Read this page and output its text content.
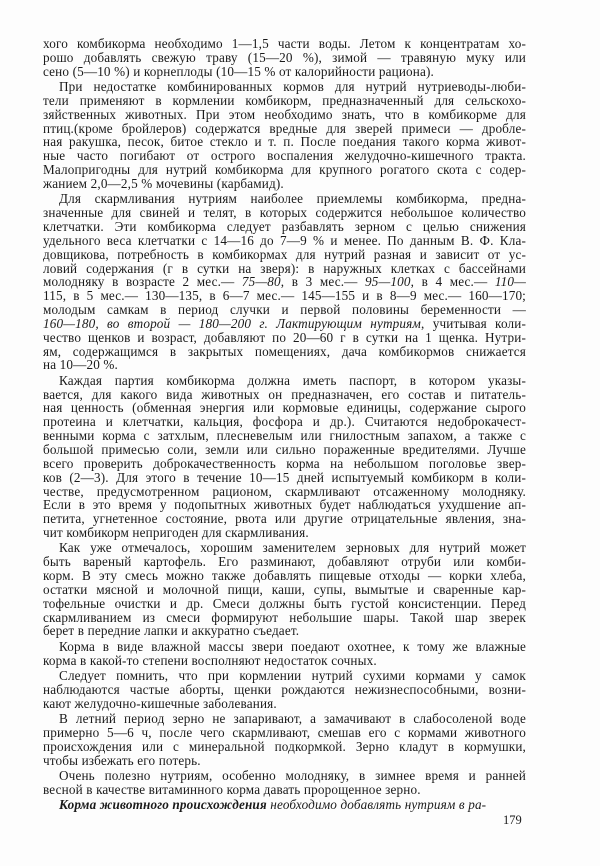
хого комбикорма необходимо 1—1,5 части воды. Летом к концентратам хо-
рошо добавлять свежую траву (15—20 %), зимой — травяную муку или
сено (5—10 %) и корнеплоды (10—15 % от калорийности рациона).
При недостатке комбинированных кормов для нутрий нутриеводы-люби-
тели применяют в кормлении комбикорм, предназначенный для сельскохо-
зяйственных животных. При этом необходимо знать, что в комбикорме для
птиц.(кроме бройлеров) содержатся вредные для зверей примеси — дробле-
ная ракушка, песок, битое стекло и т. п. После поедания такого корма живот-
ные часто погибают от острого воспаления желудочно-кишечного тракта.
Малопригодны для нутрий комбикорма для крупного рогатого скота с содер-
жанием 2,0—2,5 % мочевины (карбамид).
Для скармливания нутриям наиболее приемлемы комбикорма, предна-
значенные для свиней и телят, в которых содержится небольшое количество
клетчатки. Эти комбикорма следует разбавлять зерном с целью снижения
удельного веса клетчатки с 14—16 до 7—9 % и менее. По данным В. Ф. Кла-
довщикова, потребность в комбикормах для нутрий разная и зависит от ус-
ловий содержания (г в сутки на зверя): в наружных клетках с бассейнами
молодняку в возрасте 2 мес.— 75—80, в 3 мес.— 95—100, в 4 мес.— 110—
115, в 5 мес.— 130—135, в 6—7 мес.— 145—155 и в 8—9 мес.— 160—170;
молодым самкам в период случки и первой половины беременности —
160—180, во второй — 180—200 г. Лактирующим нутриям, учитывая коли-
чество щенков и возраст, добавляют по 20—60 г в сутки на 1 щенка. Нутри-
ям, содержащимся в закрытых помещениях, дача комбикормов снижается
на 10—20 %.
Каждая партия комбикорма должна иметь паспорт, в котором указы-
вается, для какого вида животных он предназначен, его состав и питатель-
ная ценность (обменная энергия или кормовые единицы, содержание сырого
протеина и клетчатки, кальция, фосфора и др.). Считаются недоброкачест-
венными корма с затхлым, плесневелым или гнилостным запахом, а также с
большой примесью соли, земли или сильно пораженные вредителями. Лучше
всего проверить доброкачественность корма на небольшом поголовье звер-
ков (2—3). Для этого в течение 10—15 дней испытуемый комбикорм в коли-
честве, предусмотренном рационом, скармливают отсаженному молодняку.
Если в это время у подопытных животных будет наблюдаться ухудшение ап-
петита, угнетенное состояние, рвота или другие отрицательные явления, зна-
чит комбикорм непригоден для скармливания.
Как уже отмечалось, хорошим заменителем зерновых для нутрий может
быть вареный картофель. Его разминают, добавляют отруби или комби-
корм. В эту смесь можно также добавлять пищевые отходы — корки хлеба,
остатки мясной и молочной пищи, каши, супы, вымытые и сваренные кар-
тофельные очистки и др. Смеси должны быть густой консистенции. Перед
скармливанием из смеси формируют небольшие шары. Такой шар зверек
берет в передние лапки и аккуратно съедает.
Корма в виде влажной массы звери поедают охотнее, к тому же влажные
корма в какой-то степени восполняют недостаток сочных.
Следует помнить, что при кормлении нутрий сухими кормами у самок
наблюдаются частые аборты, щенки рождаются нежизнеспособными, возни-
кают желудочно-кишечные заболевания.
В летний период зерно не запаривают, а замачивают в слабосоленой воде
примерно 5—6 ч, после чего скармливают, смешав его с кормами животного
происхождения или с минеральной подкормкой. Зерно кладут в кормушки,
чтобы избежать его потерь.
Очень полезно нутриям, особенно молодняку, в зимнее время и ранней
весной в качестве витаминного корма давать пророщенное зерно.
Корма животного происхождения необходимо добавлять нутриям в ра-
179
